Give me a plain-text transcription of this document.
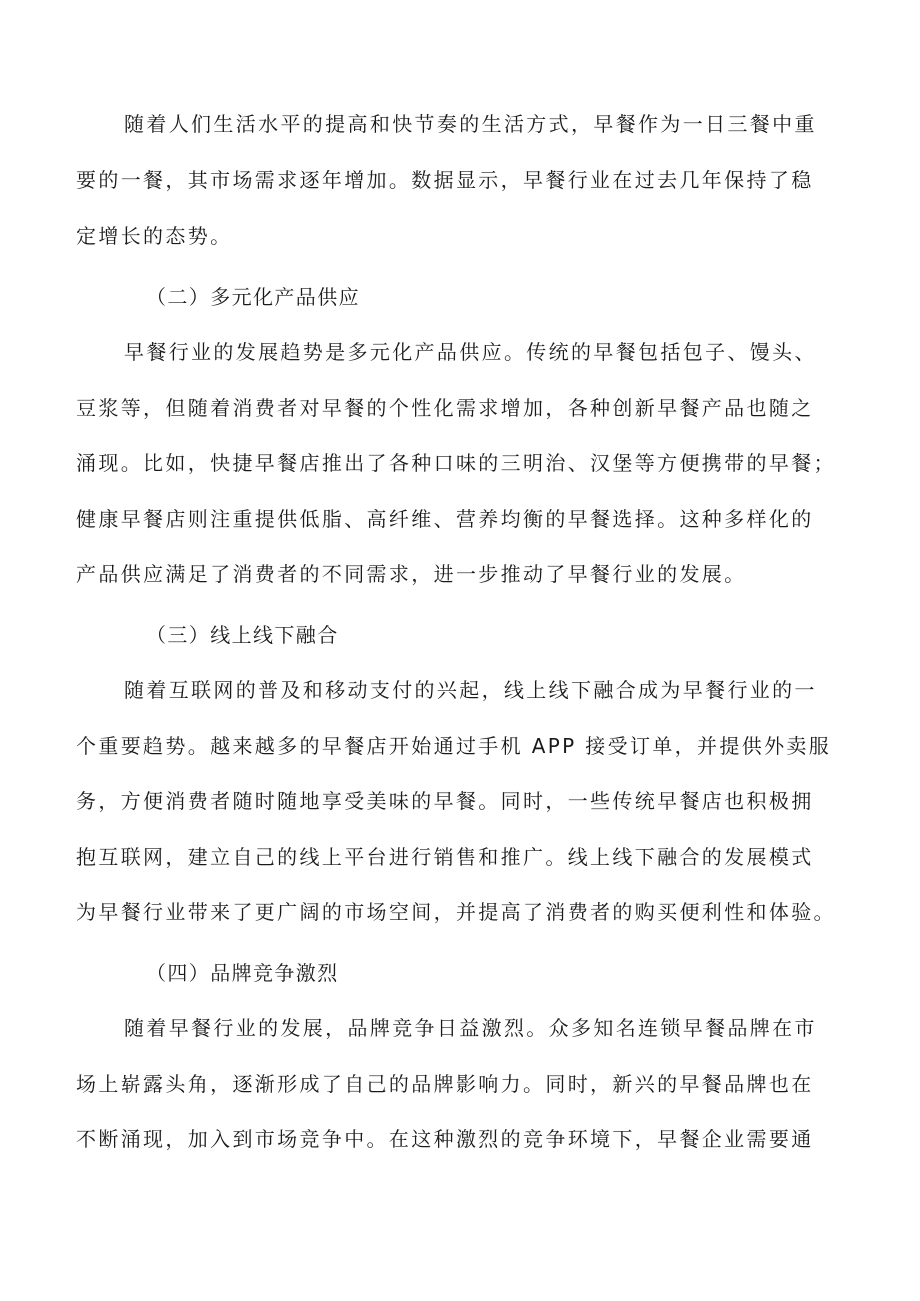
随着人们生活水平的提高和快节奏的生活方式，早餐作为一日三餐中重
要的一餐，其市场需求逐年增加。数据显示，早餐行业在过去几年保持了稳
定增长的态势。
（二）多元化产品供应
早餐行业的发展趋势是多元化产品供应。传统的早餐包括包子、馒头、
豆浆等，但随着消费者对早餐的个性化需求增加，各种创新早餐产品也随之
涌现。比如，快捷早餐店推出了各种口味的三明治、汉堡等方便携带的早餐；
健康早餐店则注重提供低脂、高纤维、营养均衡的早餐选择。这种多样化的
产品供应满足了消费者的不同需求，进一步推动了早餐行业的发展。
（三）线上线下融合
随着互联网的普及和移动支付的兴起，线上线下融合成为早餐行业的一
个重要趋势。越来越多的早餐店开始通过手机 APP 接受订单，并提供外卖服
务，方便消费者随时随地享受美味的早餐。同时，一些传统早餐店也积极拥
抱互联网，建立自己的线上平台进行销售和推广。线上线下融合的发展模式
为早餐行业带来了更广阔的市场空间，并提高了消费者的购买便利性和体验。
（四）品牌竞争激烈
随着早餐行业的发展，品牌竞争日益激烈。众多知名连锁早餐品牌在市
场上崭露头角，逐渐形成了自己的品牌影响力。同时，新兴的早餐品牌也在
不断涌现，加入到市场竞争中。在这种激烈的竞争环境下，早餐企业需要通
